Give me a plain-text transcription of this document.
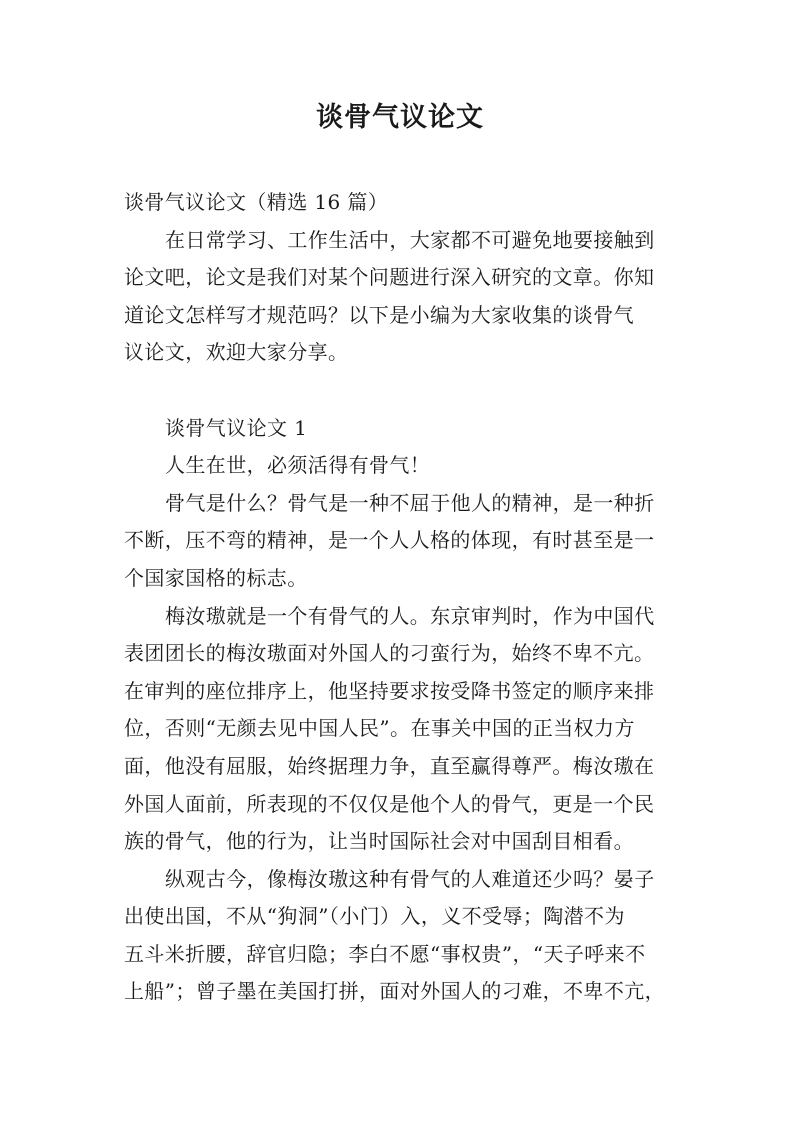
谈骨气议论文

谈骨气议论文（精选 16 篇）

在日常学习、工作生活中，大家都不可避免地要接触到

论文吧，论文是我们对某个问题进行深入研究的文章。你知

道论文怎样写才规范吗？以下是小编为大家收集的谈骨气

议论文，欢迎大家分享。

谈骨气议论文 1

人生在世，必须活得有骨气！

骨气是什么？骨气是一种不屈于他人的精神，是一种折

不断，压不弯的精神，是一个人人格的体现，有时甚至是一

个国家国格的标志。

梅汝璈就是一个有骨气的人。东京审判时，作为中国代

表团团长的梅汝璈面对外国人的刁蛮行为，始终不卑不亢。

在审判的座位排序上，他坚持要求按受降书签定的顺序来排

位，否则“无颜去见中国人民”。在事关中国的正当权力方

面，他没有屈服，始终据理力争，直至赢得尊严。梅汝璈在

外国人面前，所表现的不仅仅是他个人的骨气，更是一个民

族的骨气，他的行为，让当时国际社会对中国刮目相看。

纵观古今，像梅汝璈这种有骨气的人难道还少吗？晏子

出使出国，不从“狗洞”（小门）入，义不受辱；陶潜不为

五斗米折腰，辞官归隐；李白不愿“事权贵”，“天子呼来不

上船”；曾子墨在美国打拼，面对外国人的刁难，不卑不亢，
